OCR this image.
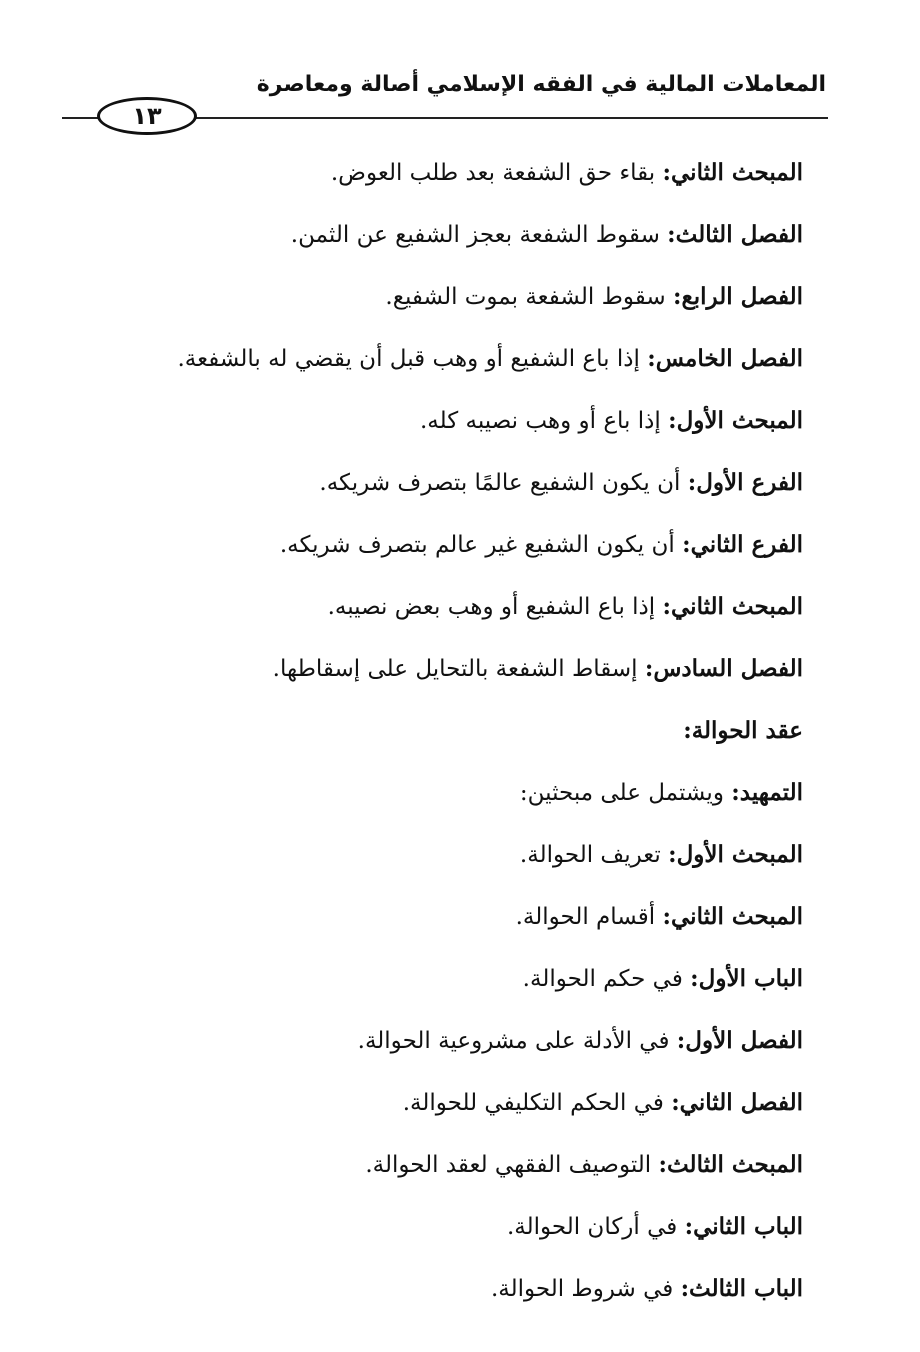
المعاملات المالية في الفقه الإسلامي أصالة ومعاصرة
١٣
المبحث الثاني: بقاء حق الشفعة بعد طلب العوض.
الفصل الثالث: سقوط الشفعة بعجز الشفيع عن الثمن.
الفصل الرابع: سقوط الشفعة بموت الشفيع.
الفصل الخامس: إذا باع الشفيع أو وهب قبل أن يقضي له بالشفعة.
المبحث الأول: إذا باع أو وهب نصيبه كله.
الفرع الأول: أن يكون الشفيع عالمًا بتصرف شريكه.
الفرع الثاني: أن يكون الشفيع غير عالم بتصرف شريكه.
المبحث الثاني: إذا باع الشفيع أو وهب بعض نصيبه.
الفصل السادس: إسقاط الشفعة بالتحايل على إسقاطها.
عقد الحوالة:
التمهيد: ويشتمل على مبحثين:
المبحث الأول: تعريف الحوالة.
المبحث الثاني: أقسام الحوالة.
الباب الأول: في حكم الحوالة.
الفصل الأول: في الأدلة على مشروعية الحوالة.
الفصل الثاني: في الحكم التكليفي للحوالة.
المبحث الثالث: التوصيف الفقهي لعقد الحوالة.
الباب الثاني: في أركان الحوالة.
الباب الثالث: في شروط الحوالة.
